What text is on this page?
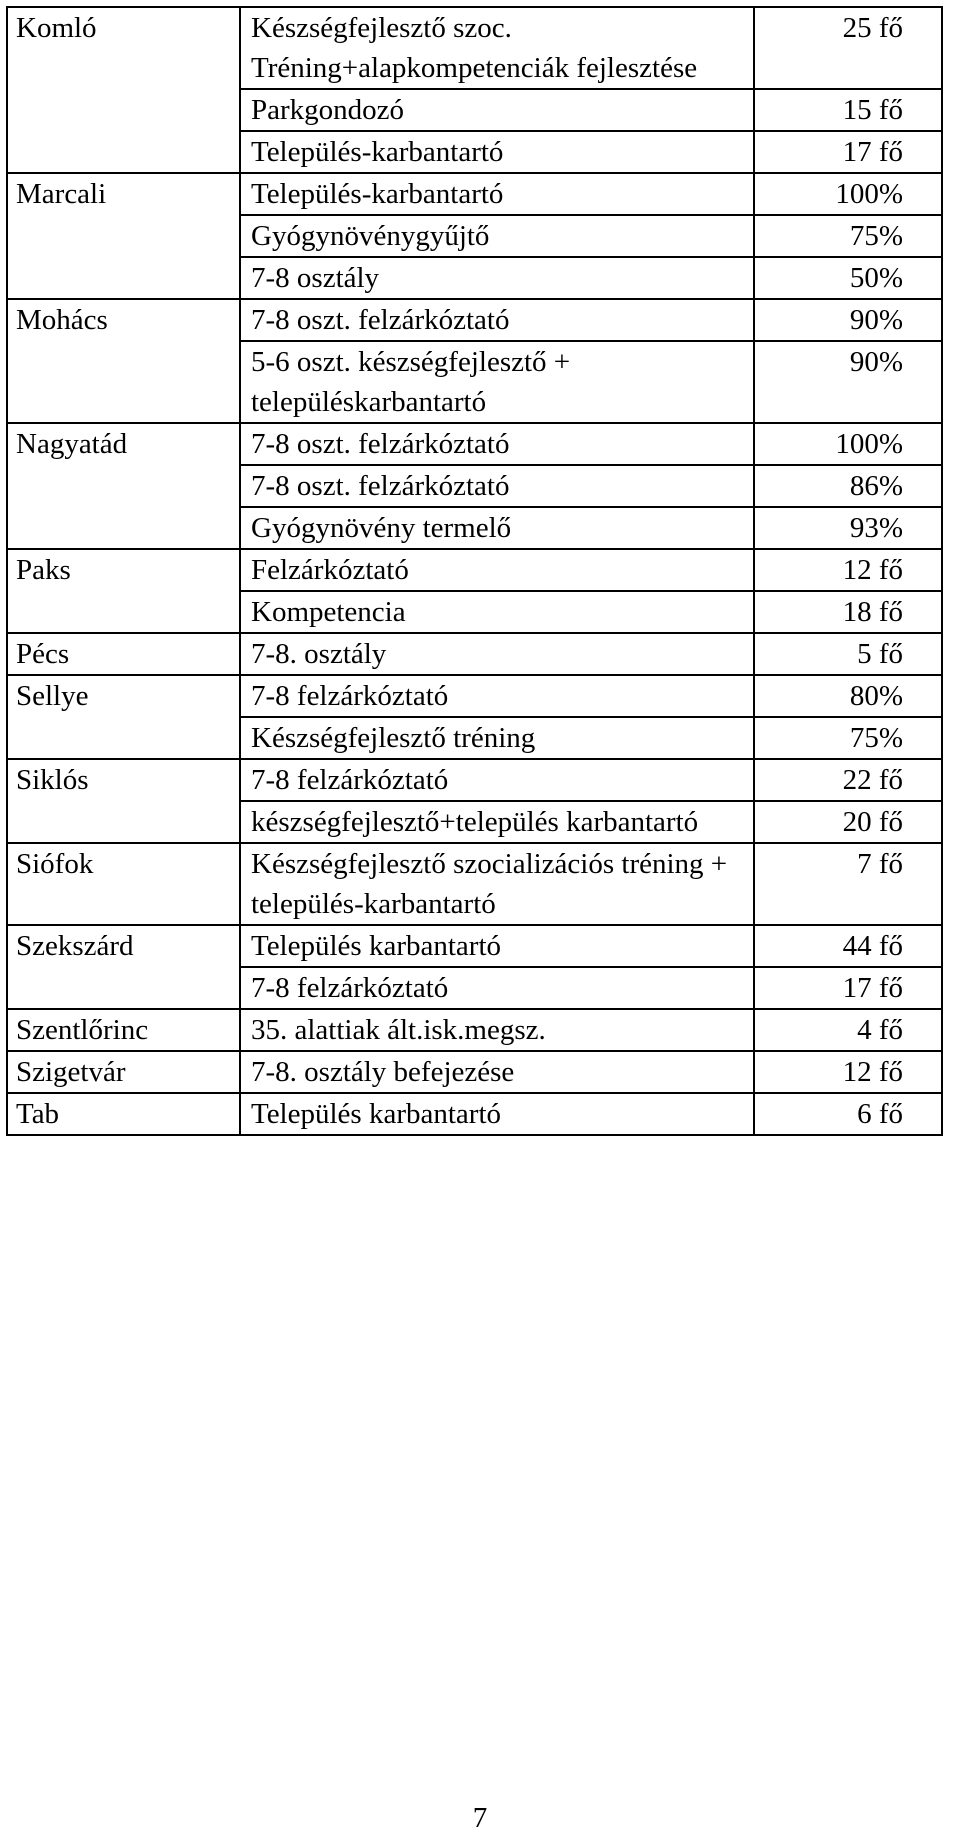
Komló	Készségfejlesztő szoc. Tréning+alapkompetenciák fejlesztése	25 fő
	Parkgondozó	15 fő
	Település-karbantartó	17 fő
Marcali	Település-karbantartó	100%
	Gyógynövénygyűjtő	75%
	7-8 osztály	50%
Mohács	7-8 oszt. felzárkóztató	90%
	5-6 oszt. készségfejlesztő + településkarbantartó	90%
Nagyatád	7-8 oszt. felzárkóztató	100%
	7-8 oszt. felzárkóztató	86%
	Gyógynövény termelő	93%
Paks	Felzárkóztató	12 fő
	Kompetencia	18 fő
Pécs	7-8. osztály	5 fő
Sellye	7-8 felzárkóztató	80%
	Készségfejlesztő tréning	75%
Siklós	7-8 felzárkóztató	22 fő
	készségfejlesztő+település karbantartó	20 fő
Siófok	Készségfejlesztő szocializációs tréning + település-karbantartó	7 fő
Szekszárd	Település karbantartó	44 fő
	7-8 felzárkóztató	17 fő
Szentlőrinc	35. alattiak ált.isk.megsz.	4 fő
Szigetvár	7-8. osztály befejezése	12 fő
Tab	Település karbantartó	6 fő
7
